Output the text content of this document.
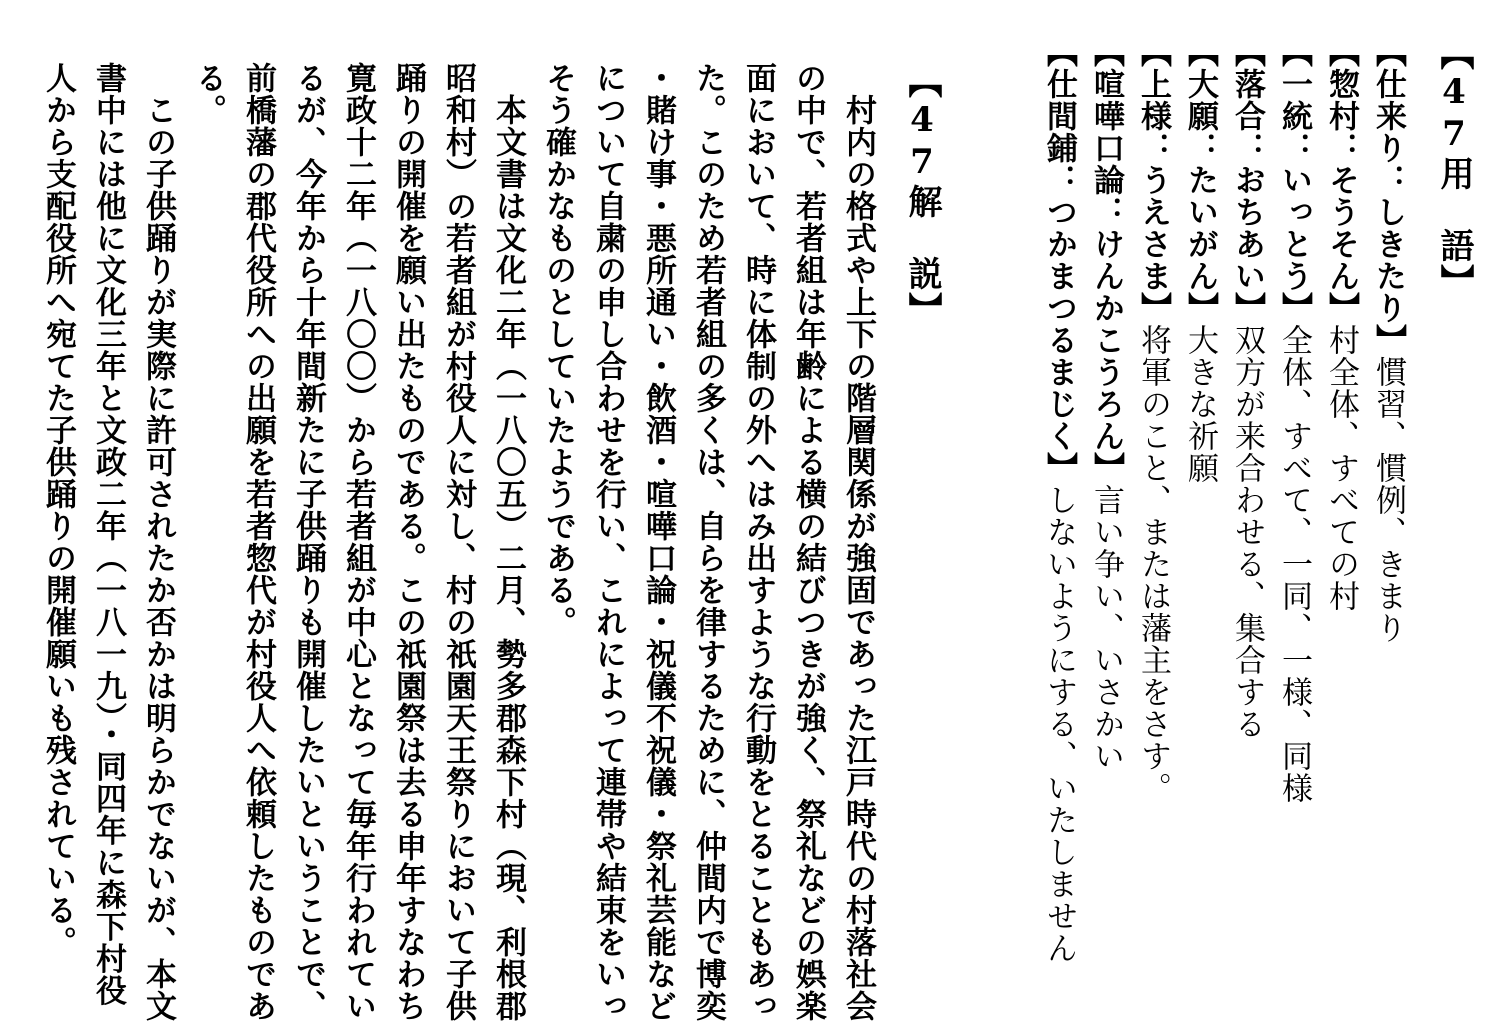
【47用　語】
【仕来り：しきたり】慣習、慣例、きまり
【惣村：そうそん】村全体、すべての村
【一統：いっとう】全体、すべて、一同、一様、同様
【落合：おちあい】双方が来合わせる、集合する
【大願：たいがん】大きな祈願
【上様：うえさま】将軍のこと、または藩主をさす。
【喧嘩口論：けんかこうろん】言い争い、いさかい
【仕間鋪：つかまつるまじく】しないようにする、いたしません
【47解　説】
　村内の格式や上下の階層関係が強固であった江戸時代の村落社会
の中で、若者組は年齢による横の結びつきが強く、祭礼などの娯楽
面において、時に体制の外へはみ出すような行動をとることもあっ
た。このため若者組の多くは、自らを律するために、仲間内で博奕
・賭け事・悪所通い・飲酒・喧嘩口論・祝儀不祝儀・祭礼芸能など
について自粛の申し合わせを行い、これによって連帯や結束をいっ
そう確かなものとしていたようである。
　本文書は文化二年（一八〇五）二月、勢多郡森下村（現、利根郡
昭和村）の若者組が村役人に対し、村の祇園天王祭りにおいて子供
踊りの開催を願い出たものである。この祇園祭は去る申年すなわち
寛政十二年（一八〇〇）から若者組が中心となって毎年行われてい
るが、今年から十年間新たに子供踊りも開催したいということで、
前橋藩の郡代役所への出願を若者惣代が村役人へ依頼したものであ
る。
　この子供踊りが実際に許可されたか否かは明らかでないが、本文
書中には他に文化三年と文政二年（一八一九）・同四年に森下村役
人から支配役所へ宛てた子供踊りの開催願いも残されている。
